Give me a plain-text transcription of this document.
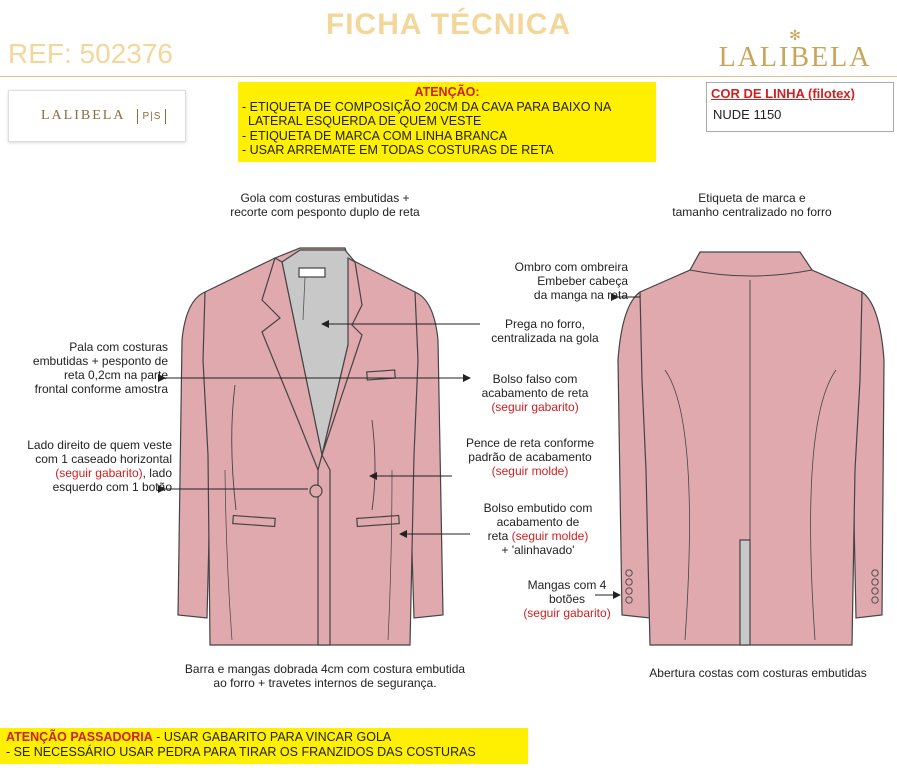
FICHA TÉCNICA
REF: 502376
✻
LALIBELA
LALIBELA	P|S
ATENÇÃO:
- ETIQUETA DE COMPOSIÇÃO 20CM DA CAVA PARA BAIXO NA
LATERAL ESQUERDA DE QUEM VESTE
- ETIQUETA DE MARCA COM LINHA BRANCA
- USAR ARREMATE EM TODAS COSTURAS DE RETA
COR DE LINHA (filotex)
NUDE 1150
Gola com costuras embutidas +
recorte com pesponto duplo de reta
Etiqueta de marca e
tamanho centralizado no forro
Ombro com ombreira
Embeber cabeça
da manga na reta
Prega no forro,
centralizada na gola
Pala com costuras
embutidas + pesponto de
reta 0,2cm na parte
frontal conforme amostra
Bolso falso com
acabamento de reta
(seguir gabarito)
Lado direito de quem veste
com 1 caseado horizontal
(seguir gabarito), lado
esquerdo com 1 botão
Pence de reta conforme
padrão de acabamento
(seguir molde)
Bolso embutido com
acabamento de
reta (seguir molde)
+ 'alinhavado'
Mangas com 4
botões
(seguir gabarito)
Barra e mangas dobrada 4cm com costura embutida
ao forro + travetes internos de segurança.
Abertura costas com costuras embutidas
ATENÇÃO PASSADORIA - USAR GABARITO PARA VINCAR GOLA
- SE NECESSÁRIO USAR PEDRA PARA TIRAR OS FRANZIDOS DAS COSTURAS
